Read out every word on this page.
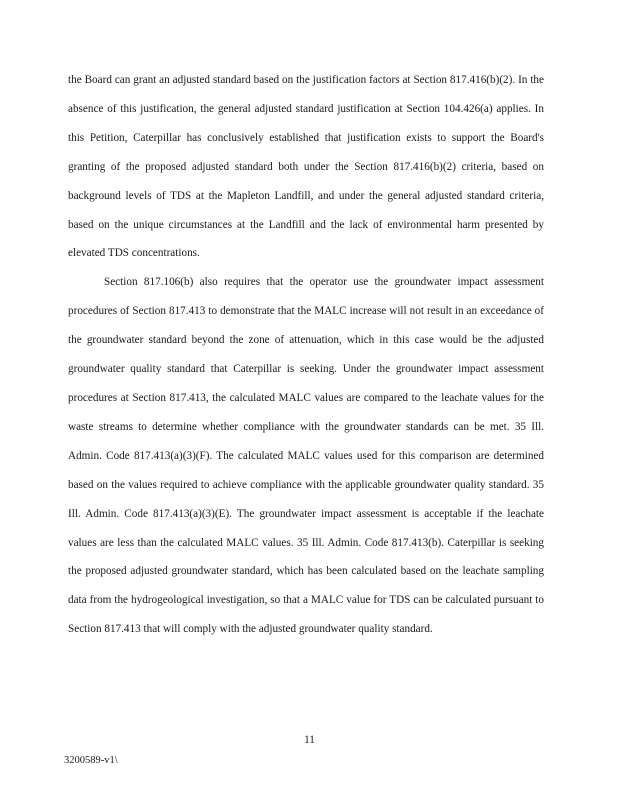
the Board can grant an adjusted standard based on the justification factors at Section 817.416(b)(2). In the absence of this justification, the general adjusted standard justification at Section 104.426(a) applies. In this Petition, Caterpillar has conclusively established that justification exists to support the Board's granting of the proposed adjusted standard both under the Section 817.416(b)(2) criteria, based on background levels of TDS at the Mapleton Landfill, and under the general adjusted standard criteria, based on the unique circumstances at the Landfill and the lack of environmental harm presented by elevated TDS concentrations.

Section 817.106(b) also requires that the operator use the groundwater impact assessment procedures of Section 817.413 to demonstrate that the MALC increase will not result in an exceedance of the groundwater standard beyond the zone of attenuation, which in this case would be the adjusted groundwater quality standard that Caterpillar is seeking. Under the groundwater impact assessment procedures at Section 817.413, the calculated MALC values are compared to the leachate values for the waste streams to determine whether compliance with the groundwater standards can be met. 35 Ill. Admin. Code 817.413(a)(3)(F). The calculated MALC values used for this comparison are determined based on the values required to achieve compliance with the applicable groundwater quality standard. 35 Ill. Admin. Code 817.413(a)(3)(E). The groundwater impact assessment is acceptable if the leachate values are less than the calculated MALC values. 35 Ill. Admin. Code 817.413(b). Caterpillar is seeking the proposed adjusted groundwater standard, which has been calculated based on the leachate sampling data from the hydrogeological investigation, so that a MALC value for TDS can be calculated pursuant to Section 817.413 that will comply with the adjusted groundwater quality standard.

11
3200589-v1\
